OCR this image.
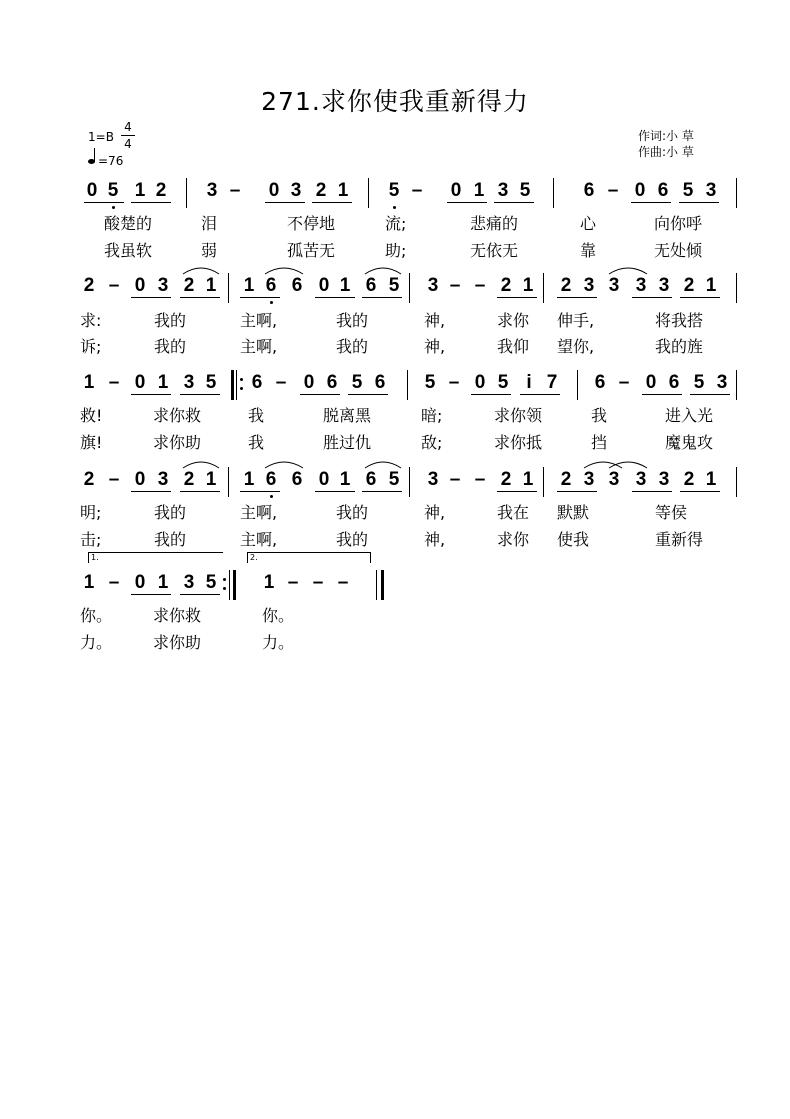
271.求你使我重新得力
1=B
4
4
=76
作词:小 草
作曲:小 草
0 5 1 2 3 – 0 3 2 1 5 – 0 1 3 5	6 – 0 6 5 3
酸楚的	泪	不停地	流;	悲痛的	心	向你呼
我虽软	弱	孤苦无	助;	无依无	靠	无处倾
2 – 0 3 2 1 1 6 6 0 1 6 5 3 – – 2 1 2 3 3 3 3 2 1
求:	我的	主啊,	我的	神,	求你 伸手,	将我搭
诉;	我的	主啊,	我的	神,	我仰 望你,	我的旌
1 – 0 1 3 5 6 – 0 6 5 6 5 – 0 5 i 7 6 – 0 6 5 3
救!	求你救	我	脱离黑	暗;	求你领	我	进入光
旗!	求你助	我	胜过仇	敌;	求你抵	挡	魔鬼攻
2 – 0 3 2 1 1 6 6 0 1 6 5 3 – – 2 1 2 3 3 3 3 2 1
明;	我的	主啊,	我的	神,	我在 默默	等侯
击;	我的	主啊,	我的	神,	求你 使我	重新得
1.	2.
1 – 0 1 3 5 1 – – –
你。	求你救	你。
力。	求你助	力。
